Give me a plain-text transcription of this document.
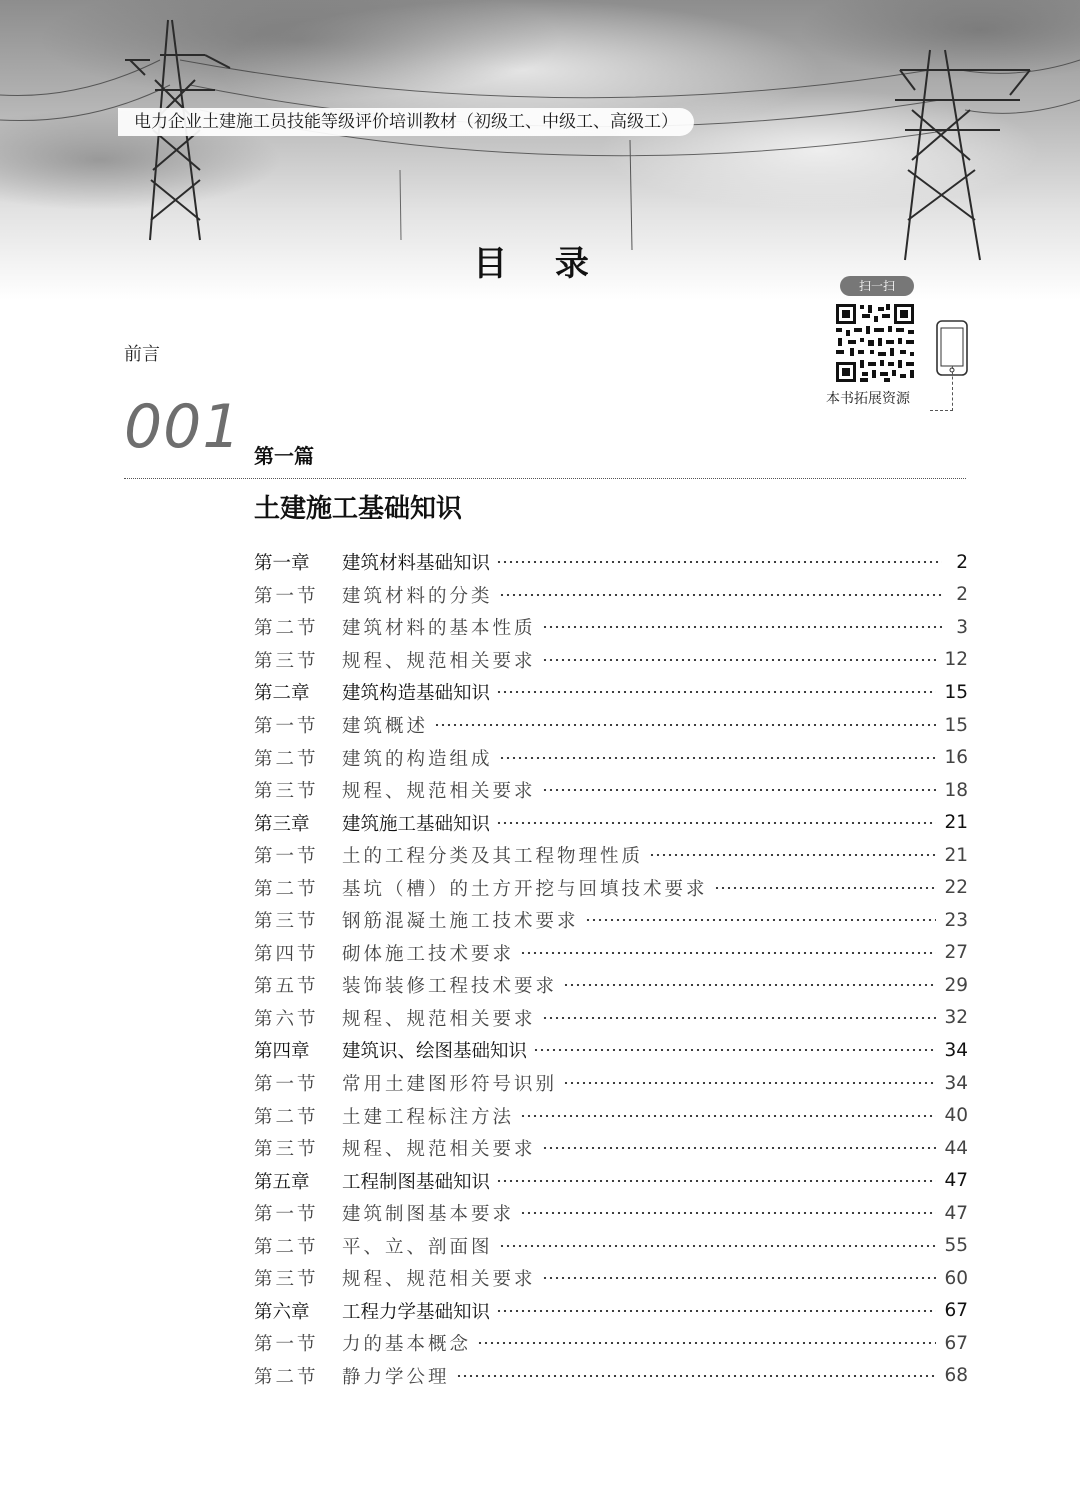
电力企业土建施工员技能等级评价培训教材（初级工、中级工、高级工）
目 录
扫一扫
本书拓展资源
前言
001 第一篇
土建施工基础知识
第一章	建筑材料基础知识	2
第一节	建筑材料的分类	2
第二节	建筑材料的基本性质	3
第三节	规程、规范相关要求	12
第二章	建筑构造基础知识	15
第一节	建筑概述	15
第二节	建筑的构造组成	16
第三节	规程、规范相关要求	18
第三章	建筑施工基础知识	21
第一节	土的工程分类及其工程物理性质	21
第二节	基坑（槽）的土方开挖与回填技术要求	22
第三节	钢筋混凝土施工技术要求	23
第四节	砌体施工技术要求	27
第五节	装饰装修工程技术要求	29
第六节	规程、规范相关要求	32
第四章	建筑识、绘图基础知识	34
第一节	常用土建图形符号识别	34
第二节	土建工程标注方法	40
第三节	规程、规范相关要求	44
第五章	工程制图基础知识	47
第一节	建筑制图基本要求	47
第二节	平、立、剖面图	55
第三节	规程、规范相关要求	60
第六章	工程力学基础知识	67
第一节	力的基本概念	67
第二节	静力学公理	68
